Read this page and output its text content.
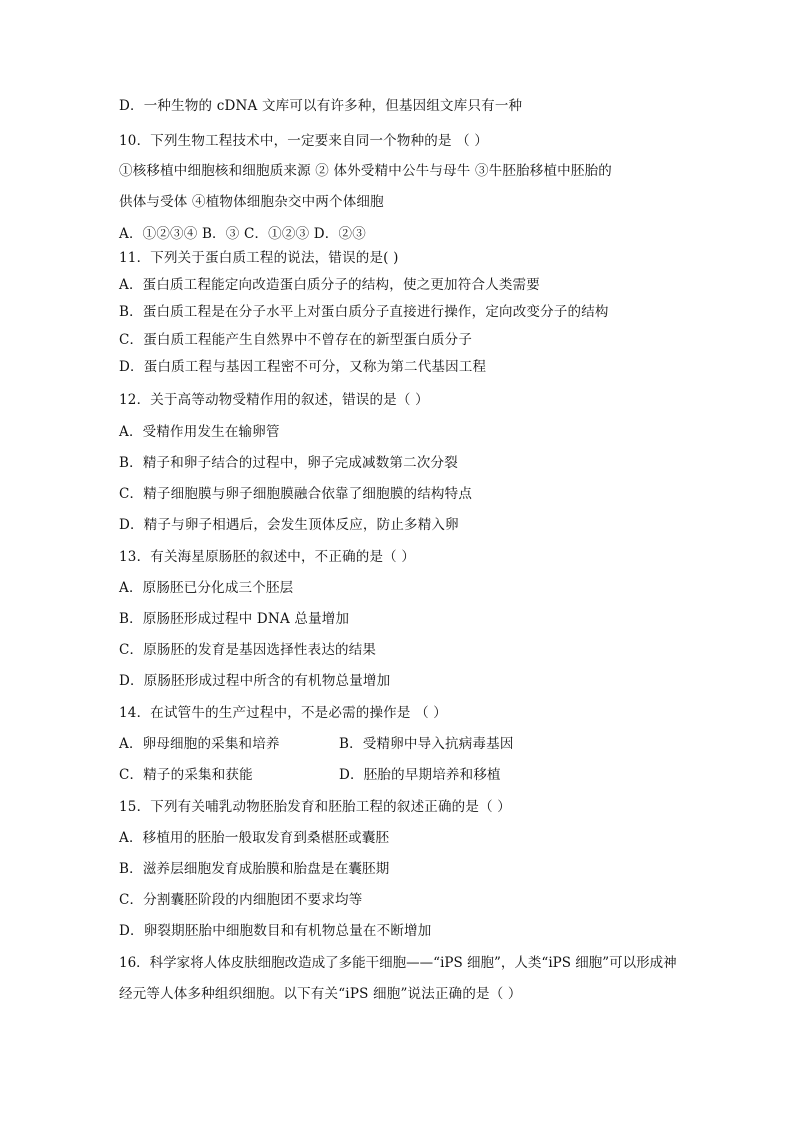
D．一种生物的 cDNA 文库可以有许多种，但基因组文库只有一种
10．下列生物工程技术中，一定要来自同一个物种的是 （ ）
①核移植中细胞核和细胞质来源 ② 体外受精中公牛与母牛 ③牛胚胎移植中胚胎的
供体与受体 ④植物体细胞杂交中两个体细胞
A．①②③④ B．③ C．①②③ D．②③
11．下列关于蛋白质工程的说法，错误的是( )
A．蛋白质工程能定向改造蛋白质分子的结构，使之更加符合人类需要
B．蛋白质工程是在分子水平上对蛋白质分子直接进行操作，定向改变分子的结构
C．蛋白质工程能产生自然界中不曾存在的新型蛋白质分子
D．蛋白质工程与基因工程密不可分，又称为第二代基因工程
12．关于高等动物受精作用的叙述，错误的是（ ）
A．受精作用发生在输卵管
B．精子和卵子结合的过程中，卵子完成减数第二次分裂
C．精子细胞膜与卵子细胞膜融合依靠了细胞膜的结构特点
D．精子与卵子相遇后，会发生顶体反应，防止多精入卵
13．有关海星原肠胚的叙述中，不正确的是（ ）
A．原肠胚已分化成三个胚层
B．原肠胚形成过程中 DNA 总量增加
C．原肠胚的发育是基因选择性表达的结果
D．原肠胚形成过程中所含的有机物总量增加
14．在试管牛的生产过程中，不是必需的操作是 （ ）
A．卵母细胞的采集和培养	B．受精卵中导入抗病毒基因
C．精子的采集和获能	D．胚胎的早期培养和移植
15．下列有关哺乳动物胚胎发育和胚胎工程的叙述正确的是（ ）
A．移植用的胚胎一般取发育到桑椹胚或囊胚
B．滋养层细胞发育成胎膜和胎盘是在囊胚期
C．分割囊胚阶段的内细胞团不要求均等
D．卵裂期胚胎中细胞数目和有机物总量在不断增加
16．科学家将人体皮肤细胞改造成了多能干细胞——“iPS 细胞”，人类“iPS 细胞”可以形成神
经元等人体多种组织细胞。以下有关“iPS 细胞”说法正确的是（ ）
